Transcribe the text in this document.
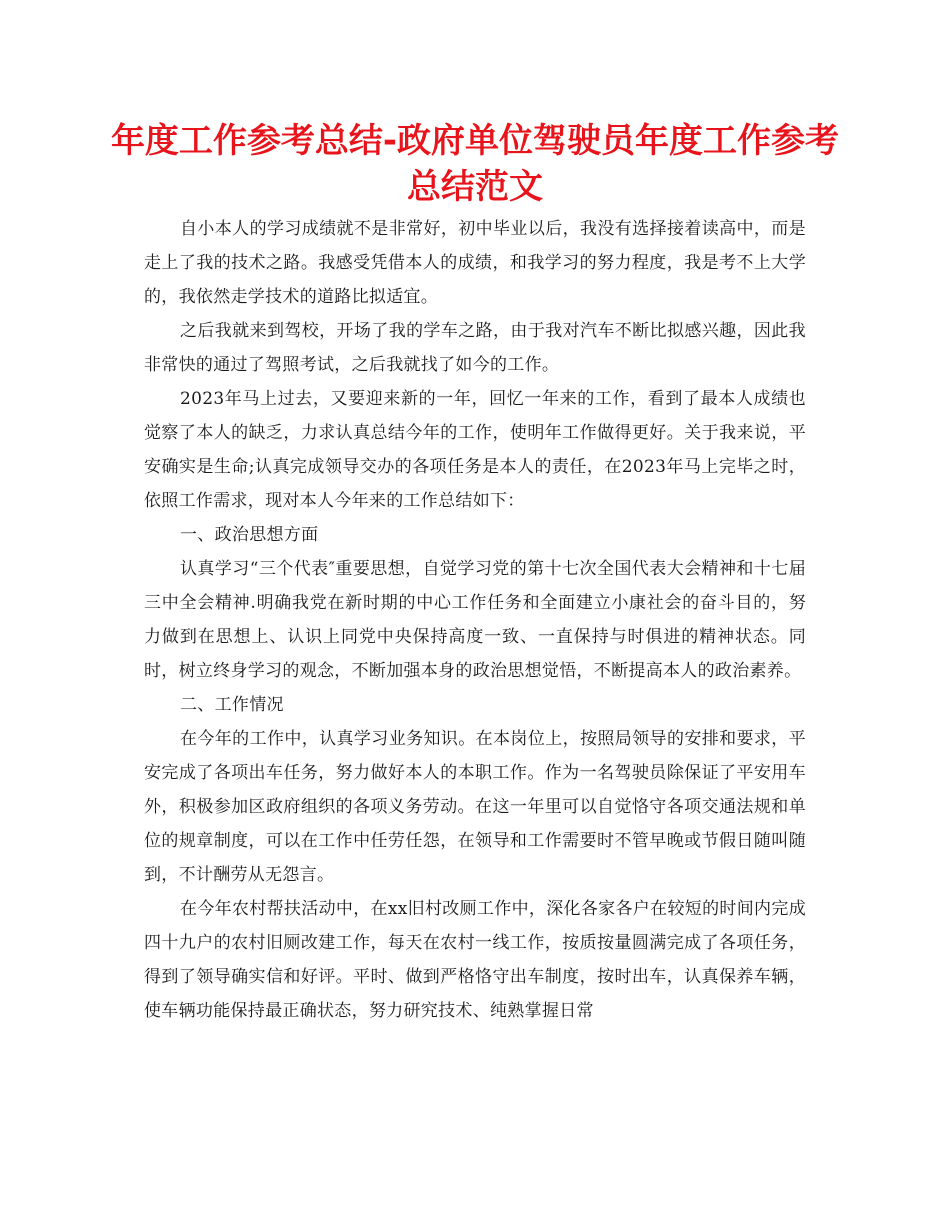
年度工作参考总结-政府单位驾驶员年度工作参考总结范文

自小本人的学习成绩就不是非常好，初中毕业以后，我没有选择接着读高中，而是走上了我的技术之路。我感受凭借本人的成绩，和我学习的努力程度，我是考不上大学的，我依然走学技术的道路比拟适宜。

之后我就来到驾校，开场了我的学车之路，由于我对汽车不断比拟感兴趣，因此我非常快的通过了驾照考试，之后我就找了如今的工作。

2023年马上过去，又要迎来新的一年，回忆一年来的工作，看到了最本人成绩也觉察了本人的缺乏，力求认真总结今年的工作，使明年工作做得更好。关于我来说，平安确实是生命;认真完成领导交办的各项任务是本人的责任，在2023年马上完毕之时，依照工作需求，现对本人今年来的工作总结如下：

一、政治思想方面

认真学习“三个代表″重要思想，自觉学习党的第十七次全国代表大会精神和十七届三中全会精神.明确我党在新时期的中心工作任务和全面建立小康社会的奋斗目的，努力做到在思想上、认识上同党中央保持高度一致、一直保持与时俱进的精神状态。同时，树立终身学习的观念，不断加强本身的政治思想觉悟，不断提高本人的政治素养。

二、工作情况

在今年的工作中，认真学习业务知识。在本岗位上，按照局领导的安排和要求，平安完成了各项出车任务，努力做好本人的本职工作。作为一名驾驶员除保证了平安用车外，积极参加区政府组织的各项义务劳动。在这一年里可以自觉恪守各项交通法规和单位的规章制度，可以在工作中任劳任怨，在领导和工作需要时不管早晚或节假日随叫随到，不计酬劳从无怨言。

在今年农村帮扶活动中，在xx旧村改厕工作中，深化各家各户在较短的时间内完成四十九户的农村旧厕改建工作，每天在农村一线工作，按质按量圆满完成了各项任务，得到了领导确实信和好评。平时、做到严格恪守出车制度，按时出车，认真保养车辆，使车辆功能保持最正确状态，努力研究技术、纯熟掌握日常
